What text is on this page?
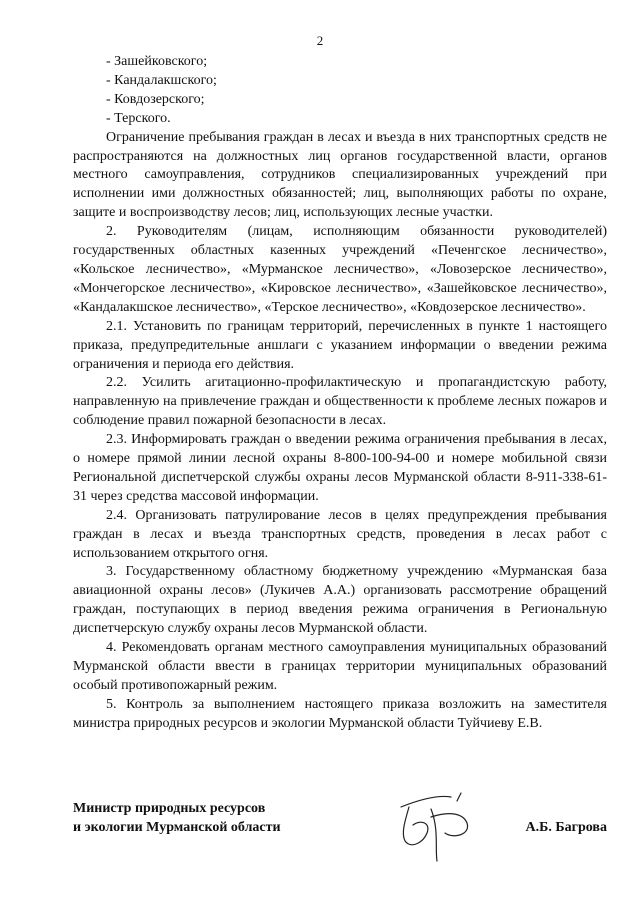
2

- Зашейковского;

- Кандалакшского;

- Ковдозерского;

- Терского.

Ограничение пребывания граждан в лесах и въезда в них транспортных средств не распространяются на должностных лиц органов государственной власти, органов местного самоуправления, сотрудников специализированных учреждений при исполнении ими должностных обязанностей; лиц, выполняющих работы по охране, защите и воспроизводству лесов; лиц, использующих лесные участки.

2. Руководителям (лицам, исполняющим обязанности руководителей) государственных областных казенных учреждений «Печенгское лесничество», «Кольское лесничество», «Мурманское лесничество», «Ловозерское лесничество», «Мончегорское лесничество», «Кировское лесничество», «Зашейковское лесничество», «Кандалакшское лесничество», «Терское лесничество», «Ковдозерское лесничество».

2.1. Установить по границам территорий, перечисленных в пункте 1 настоящего приказа, предупредительные аншлаги с указанием информации о введении режима ограничения и периода его действия.

2.2. Усилить агитационно-профилактическую и пропагандистскую работу, направленную на привлечение граждан и общественности к проблеме лесных пожаров и соблюдение правил пожарной безопасности в лесах.

2.3. Информировать граждан о введении режима ограничения пребывания в лесах, о номере прямой линии лесной охраны 8-800-100-94-00 и номере мобильной связи Региональной диспетчерской службы охраны лесов Мурманской области 8-911-338-61-31 через средства массовой информации.

2.4. Организовать патрулирование лесов в целях предупреждения пребывания граждан в лесах и въезда транспортных средств, проведения в лесах работ с использованием открытого огня.

3. Государственному областному бюджетному учреждению «Мурманская база авиационной охраны лесов» (Лукичев А.А.) организовать рассмотрение обращений граждан, поступающих в период введения режима ограничения в Региональную диспетчерскую службу охраны лесов Мурманской области.

4. Рекомендовать органам местного самоуправления муниципальных образований Мурманской области ввести в границах территории муниципальных образований особый противопожарный режим.

5. Контроль за выполнением настоящего приказа возложить на заместителя министра природных ресурсов и экологии Мурманской области Туйчиеву Е.В.

Министр природных ресурсов
и экологии Мурманской области	А.Б. Багрова
